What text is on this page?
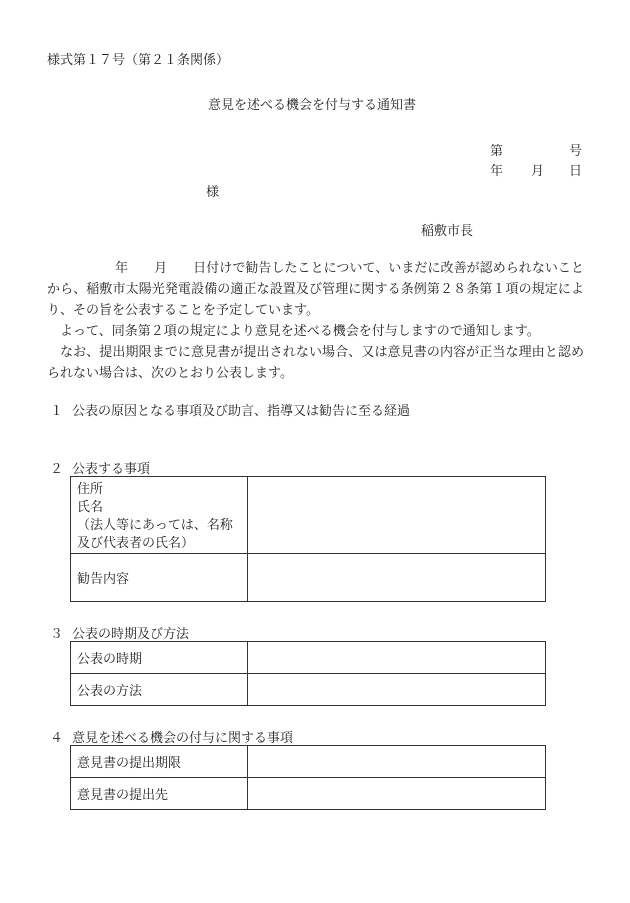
様式第１７号（第２１条関係）
意見を述べる機会を付与する通知書
第	号
年 月 日
様
稲敷市長

年 月 日付けで勧告したことについて、いまだに改善が認められないことから、稲敷市太陽光発電設備の適正な設置及び管理に関する条例第２８条第１項の規定により、その旨を公表することを予定しています。

よって、同条第２項の規定により意見を述べる機会を付与しますので通知します。

なお、提出期限までに意見書が提出されない場合、又は意見書の内容が正当な理由と認められない場合は、次のとおり公表します。

１ 公表の原因となる事項及び助言、指導又は勧告に至る経過
２ 公表する事項
住所
氏名
（法人等にあっては、名称
及び代表者の氏名）	

勧告内容	
３ 公表の時期及び方法
公表の時期	
公表の方法	
４ 意見を述べる機会の付与に関する事項
意見書の提出期限	
意見書の提出先	
